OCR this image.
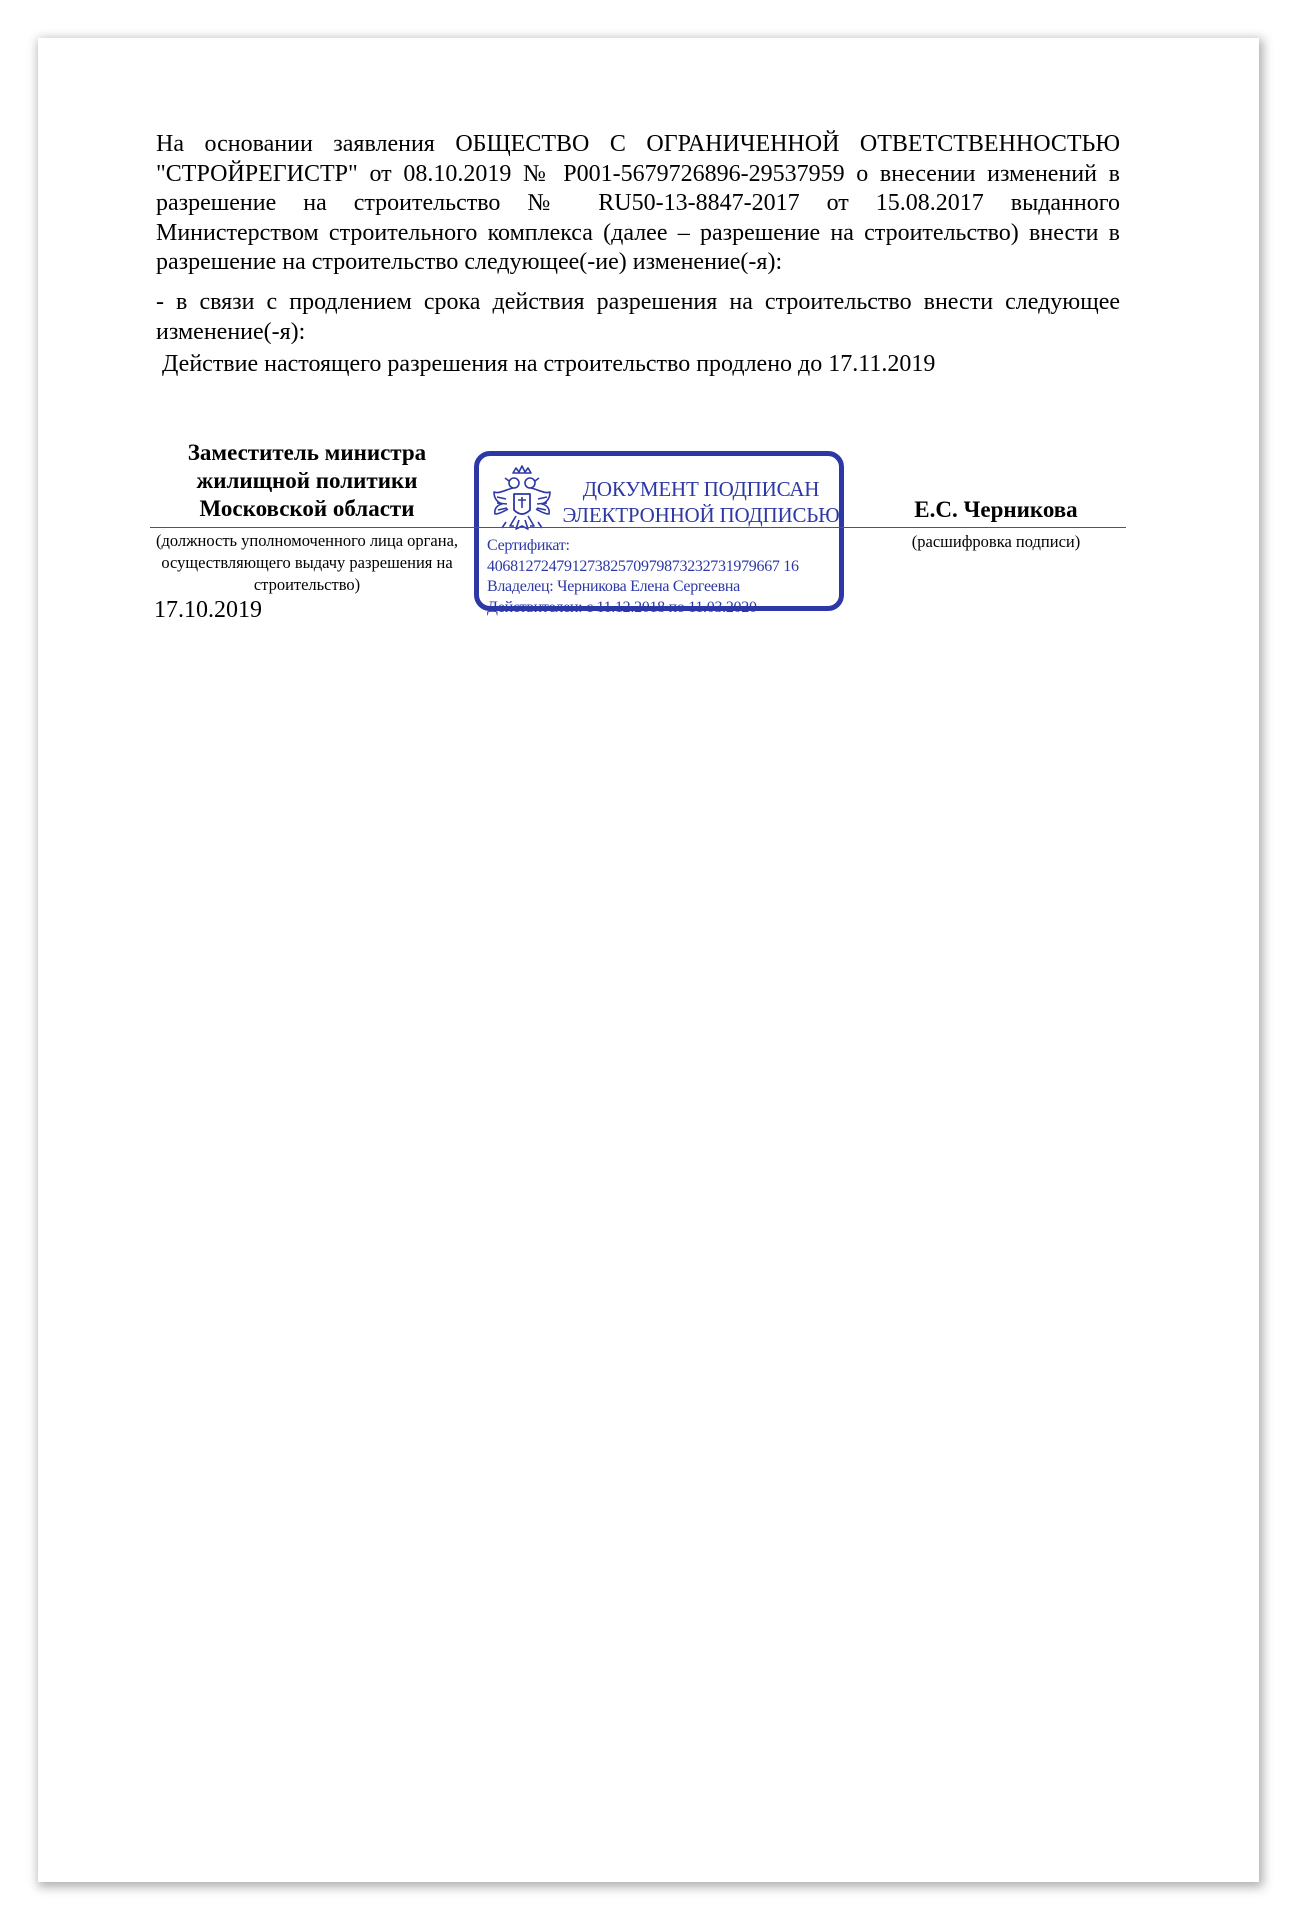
На основании заявления ОБЩЕСТВО С ОГРАНИЧЕННОЙ ОТВЕТСТВЕННОСТЬЮ "СТРОЙРЕГИСТР" от 08.10.2019 № P001-5679726896-29537959 о внесении изменений в разрешение на строительство № RU50-13-8847-2017 от 15.08.2017 выданного Министерством строительного комплекса (далее – разрешение на строительство) внести в разрешение на строительство следующее(-ие) изменение(-я):

- в связи с продлением срока действия разрешения на строительство внести следующее изменение(-я):

Действие настоящего разрешения на строительство продлено до 17.11.2019

Заместитель министра жилищной политики Московской области
ДОКУМЕНТ ПОДПИСАН
ЭЛЕКТРОННОЙ ПОДПИСЬЮ
Сертификат:
40681272479127382570979873232731979667 16
Владелец: Черникова Елена Сергеевна
Действителен: с 11.12.2018 по 11.03.2020
Е.С. Черникова
(должность уполномоченного лица органа, осуществляющего выдачу разрешения на строительство)
(расшифровка подписи)
17.10.2019
